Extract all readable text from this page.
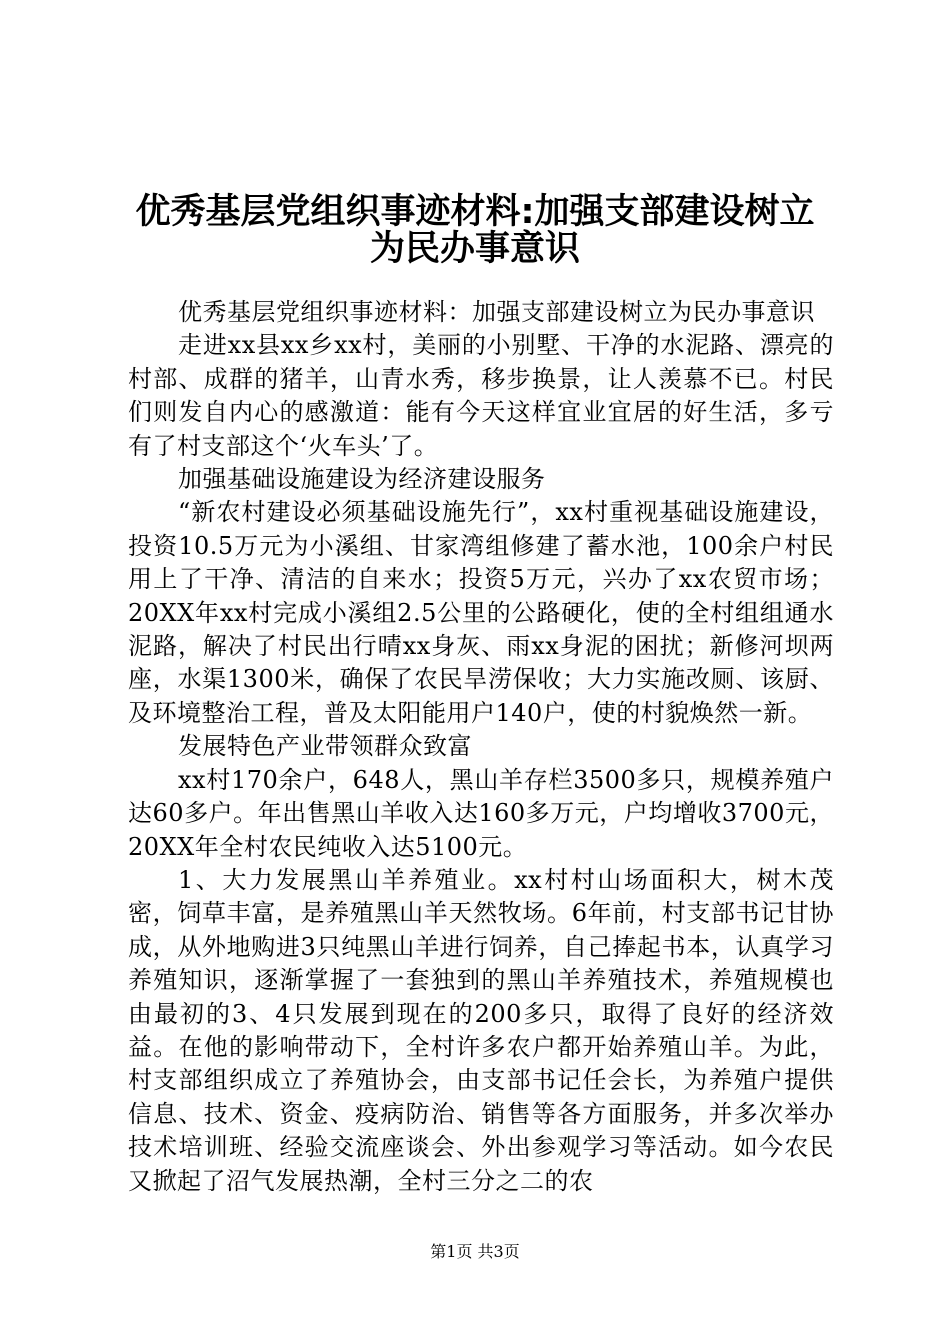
优秀基层党组织事迹材料:加强支部建设树立
为民办事意识

优秀基层党组织事迹材料：加强支部建设树立为民办事意识

走进xx县xx乡xx村，美丽的小别墅、干净的水泥路、漂亮的村部、成群的猪羊，山青水秀，移步换景，让人羡慕不已。村民们则发自内心的感激道：能有今天这样宜业宜居的好生活，多亏有了村支部这个‘火车头’了。

加强基础设施建设为经济建设服务

“新农村建设必须基础设施先行”，xx村重视基础设施建设，投资10.5万元为小溪组、甘家湾组修建了蓄水池，100余户村民用上了干净、清洁的自来水；投资5万元，兴办了xx农贸市场；20XX年xx村完成小溪组2.5公里的公路硬化，使的全村组组通水泥路，解决了村民出行晴xx身灰、雨xx身泥的困扰；新修河坝两座，水渠1300米，确保了农民旱涝保收；大力实施改厕、该厨、及环境整治工程，普及太阳能用户140户，使的村貌焕然一新。

发展特色产业带领群众致富

xx村170余户，648人，黑山羊存栏3500多只，规模养殖户达60多户。年出售黑山羊收入达160多万元，户均增收3700元，20XX年全村农民纯收入达5100元。

1、大力发展黑山羊养殖业。xx村村山场面积大，树木茂密，饲草丰富，是养殖黑山羊天然牧场。6年前，村支部书记甘协成，从外地购进3只纯黑山羊进行饲养，自己捧起书本，认真学习养殖知识，逐渐掌握了一套独到的黑山羊养殖技术，养殖规模也由最初的3、4只发展到现在的200多只，取得了良好的经济效益。在他的影响带动下，全村许多农户都开始养殖山羊。为此，村支部组织成立了养殖协会，由支部书记任会长，为养殖户提供信息、技术、资金、疫病防治、销售等各方面服务，并多次举办技术培训班、经验交流座谈会、外出参观学习等活动。如今农民又掀起了沼气发展热潮，全村三分之二的农

第1页 共3页
